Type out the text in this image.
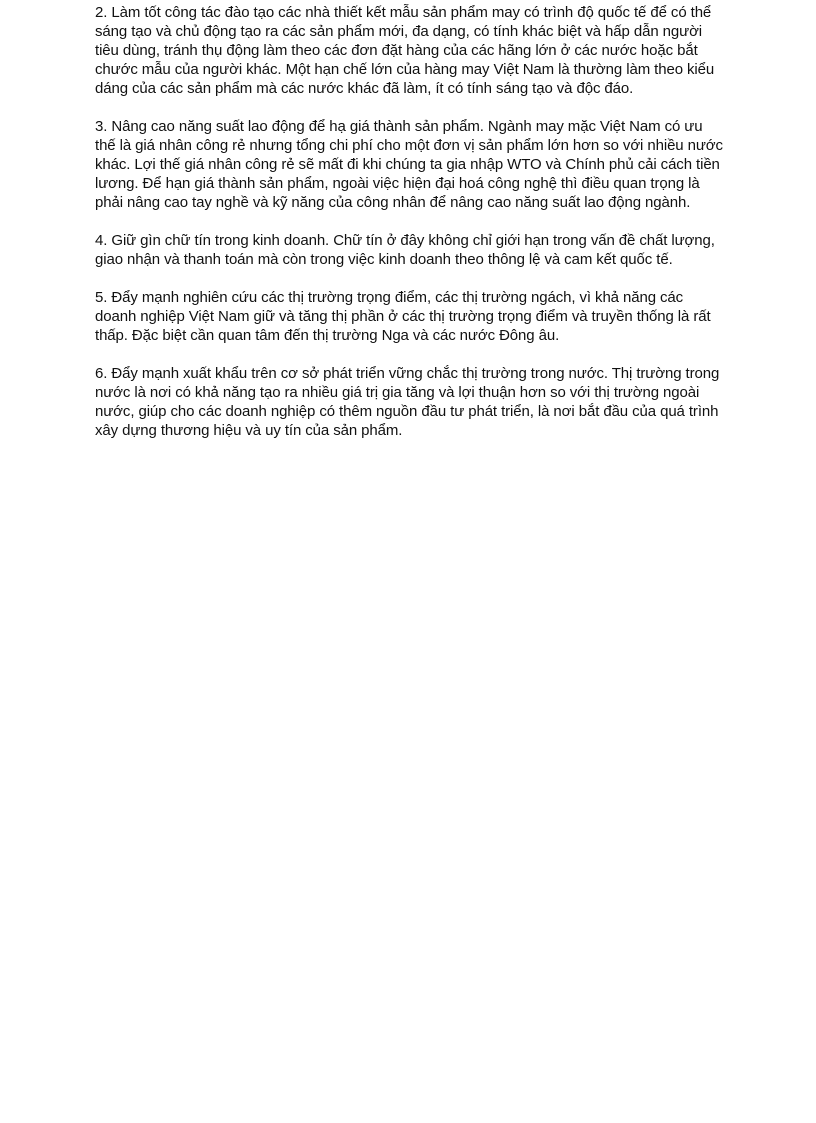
2. Làm tốt công tác đào tạo các nhà thiết kết mẫu sản phẩm may có trình độ quốc tế để có thể sáng tạo và chủ động tạo ra các sản phẩm mới, đa dạng, có tính khác biệt và hấp dẫn người tiêu dùng, tránh thụ động làm theo các đơn đặt hàng của các hãng lớn ở các nước hoặc bắt chước mẫu của người khác. Một hạn chế lớn của hàng may Việt Nam là thường làm theo kiểu dáng của các sản phẩm mà các nước khác đã làm, ít có tính sáng tạo và độc đáo.

3. Nâng cao năng suất lao động để hạ giá thành sản phẩm. Ngành may mặc Việt Nam có ưu thế là giá nhân công rẻ nhưng tổng chi phí cho một đơn vị sản phẩm lớn hơn so với nhiều nước khác. Lợi thế giá nhân công rẻ sẽ mất đi khi chúng ta gia nhập WTO và Chính phủ cải cách tiền lương. Để hạn giá thành sản phẩm, ngoài việc hiện đại hoá công nghệ thì điều quan trọng là phải nâng cao tay nghề và kỹ năng của công nhân để nâng cao năng suất lao động ngành.

4. Giữ gìn chữ tín trong kinh doanh. Chữ tín ở đây không chỉ giới hạn trong vấn đề chất lượng, giao nhận và thanh toán mà còn trong việc kinh doanh theo thông lệ và cam kết quốc tế.

5. Đẩy mạnh nghiên cứu các thị trường trọng điểm, các thị trường ngách, vì khả năng các doanh nghiệp Việt Nam giữ và tăng thị phần ở các thị trường trọng điểm và truyền thống là rất thấp. Đặc biệt cần quan tâm đến thị trường Nga và các nước Đông âu.

6. Đẩy mạnh xuất khẩu trên cơ sở phát triển vững chắc thị trường trong nước. Thị trường trong nước là nơi có khả năng tạo ra nhiều giá trị gia tăng và lợi thuận hơn so với thị trường ngoài nước, giúp cho các doanh nghiệp có thêm nguồn đầu tư phát triển, là nơi bắt đầu của quá trình xây dựng thương hiệu và uy tín của sản phẩm.
